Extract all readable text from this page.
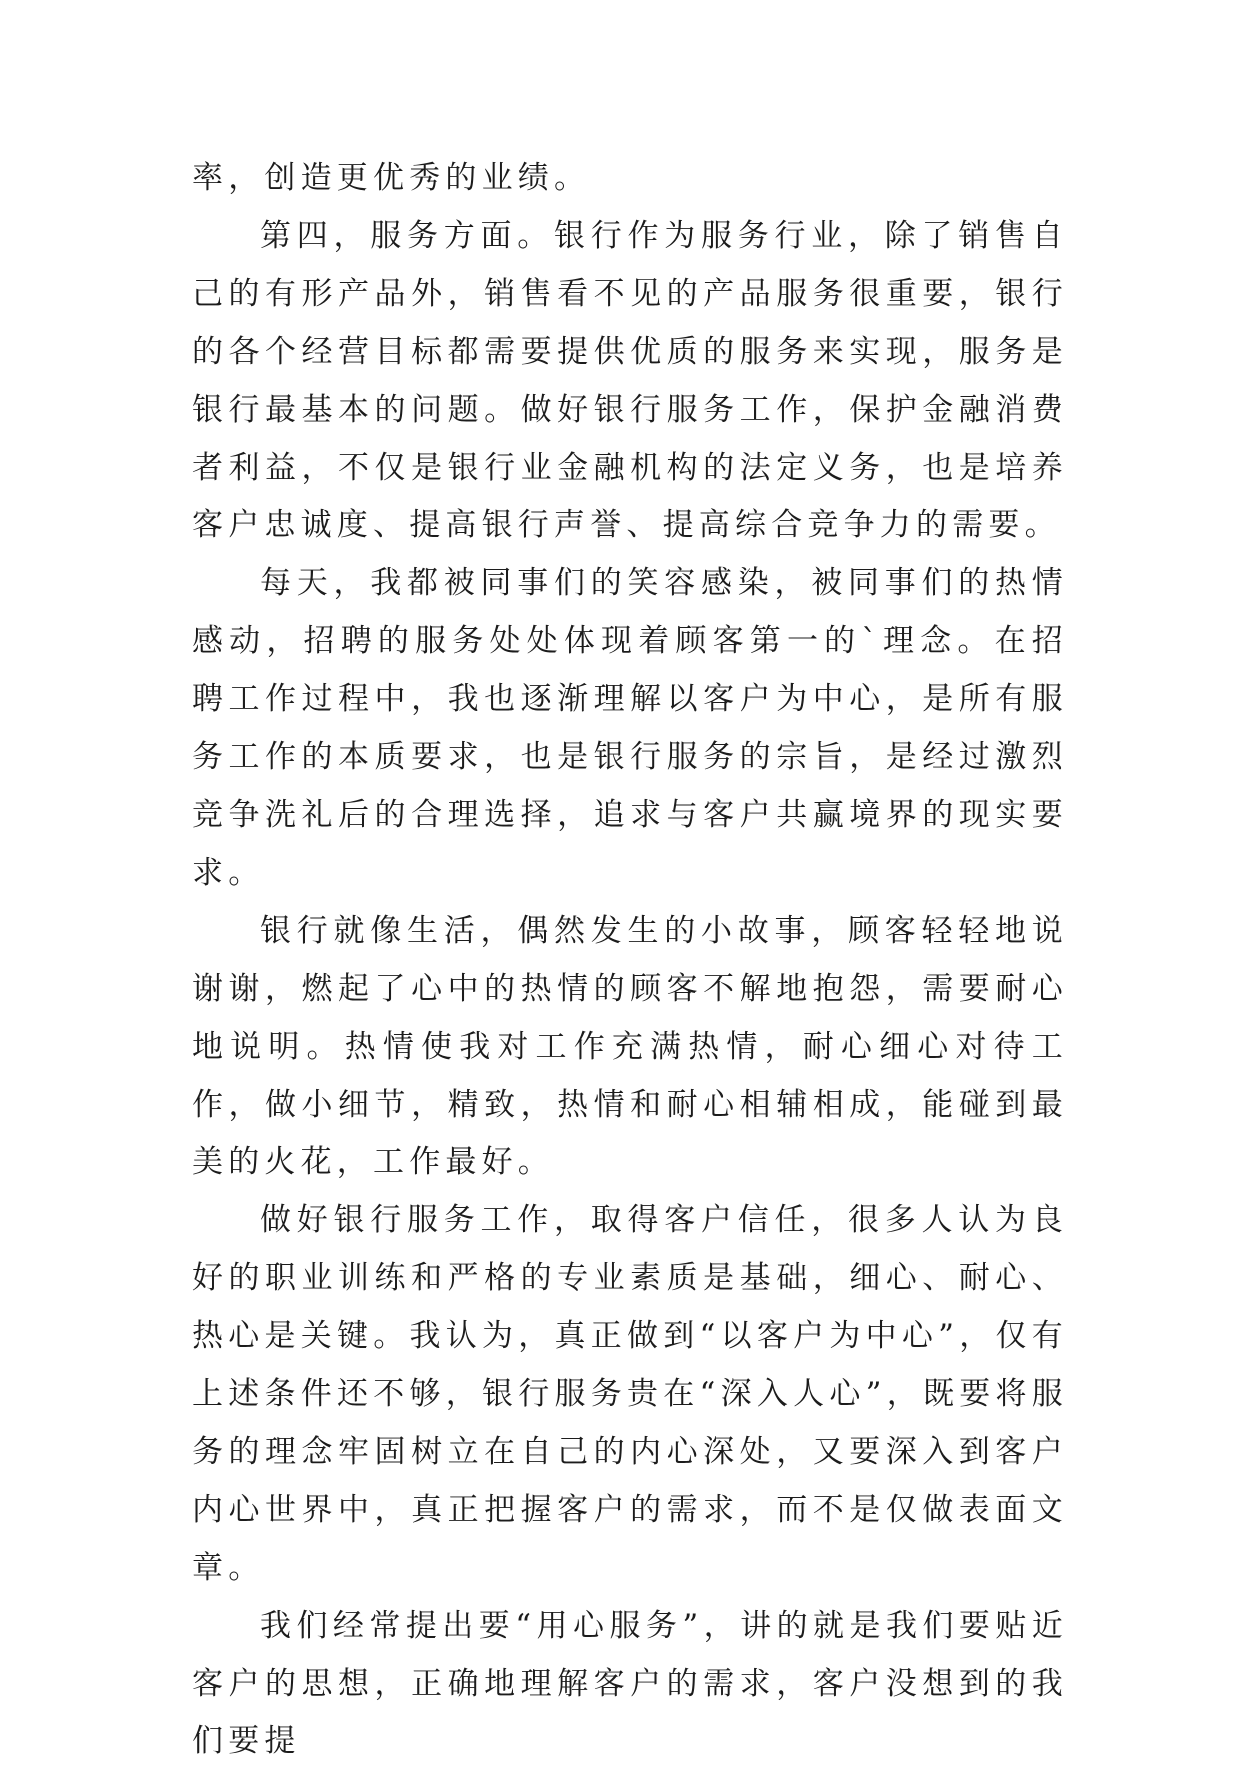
率，创造更优秀的业绩。

第四，服务方面。银行作为服务行业，除了销售自己的有形产品外，销售看不见的产品服务很重要，银行的各个经营目标都需要提供优质的服务来实现，服务是银行最基本的问题。做好银行服务工作，保护金融消费者利益，不仅是银行业金融机构的法定义务，也是培养客户忠诚度、提高银行声誉、提高综合竞争力的需要。

每天，我都被同事们的笑容感染，被同事们的热情感动，招聘的服务处处体现着顾客第一的`理念。在招聘工作过程中，我也逐渐理解以客户为中心，是所有服务工作的本质要求，也是银行服务的宗旨，是经过激烈竞争洗礼后的合理选择，追求与客户共赢境界的现实要求。

银行就像生活，偶然发生的小故事，顾客轻轻地说谢谢，燃起了心中的热情的顾客不解地抱怨，需要耐心地说明。热情使我对工作充满热情，耐心细心对待工作，做小细节，精致，热情和耐心相辅相成，能碰到最美的火花，工作最好。

做好银行服务工作，取得客户信任，很多人认为良好的职业训练和严格的专业素质是基础，细心、耐心、热心是关键。我认为，真正做到“以客户为中心”，仅有上述条件还不够，银行服务贵在“深入人心”，既要将服务的理念牢固树立在自己的内心深处，又要深入到客户内心世界中，真正把握客户的需求，而不是仅做表面文章。

我们经常提出要“用心服务”，讲的就是我们要贴近客户的思想，正确地理解客户的需求，客户没想到的我们要提
